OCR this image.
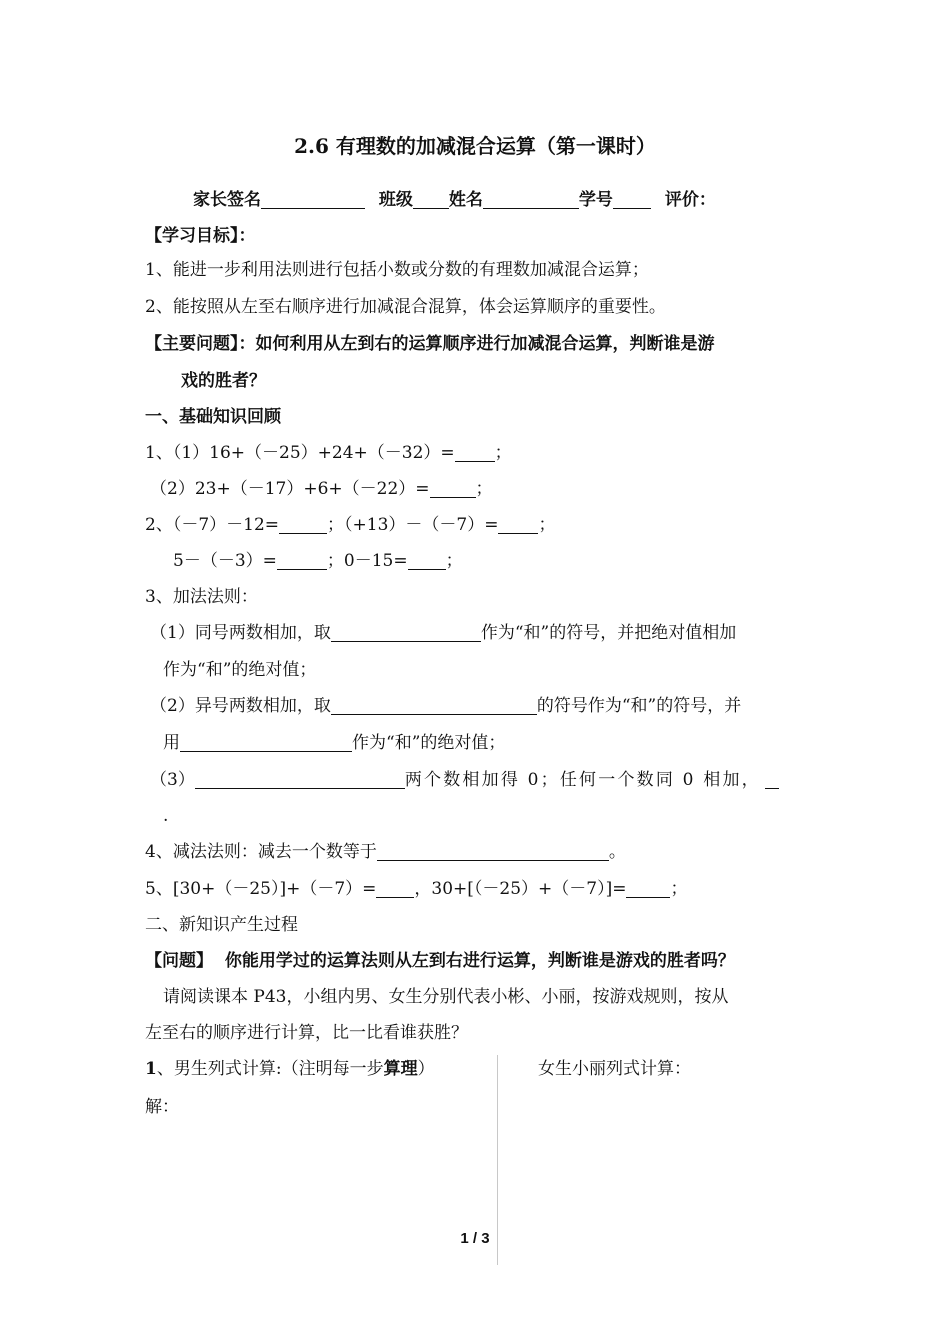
2.6 有理数的加减混合运算（第一课时）
家长签名	班级 姓名	学号	评价：
【学习目标】：
1、能进一步利用法则进行包括小数或分数的有理数加减混合运算；
2、能按照从左至右顺序进行加减混合混算，体会运算顺序的重要性。
【主要问题】：如何利用从左到右的运算顺序进行加减混合运算，判断谁是游
戏的胜者？
一、基础知识回顾
1、（1）16+（－25）+24+（－32）= ；
（2）23+（－17）+6+（－22）=	；
2、（－7）－12=	；（+13）－（－7）= ；
5－（－3）=	；0－15= ；
3、加法法则：
（1）同号两数相加，取	作为“和”的符号，并把绝对值相加
作为“和”的绝对值；
（2）异号两数相加，取	的符号作为“和”的符号，并
用	作为“和”的绝对值；
（3）	两个数相加得 0；任何一个数同 0 相加，
.
4、减法法则：减去一个数等于	。
5、[30+（－25）]+（－7）= ，30+[（－25）+（－7）]=	；
二、新知识产生过程
【问题】 你能用学过的运算法则从左到右进行运算，判断谁是游戏的胜者吗？
请阅读课本 P43，小组内男、女生分别代表小彬、小丽，按游戏规则，按从
左至右的顺序进行计算，比一比看谁获胜？
1、男生列式计算:（注明每一步算理）	女生小丽列式计算：
解：
1 / 3
